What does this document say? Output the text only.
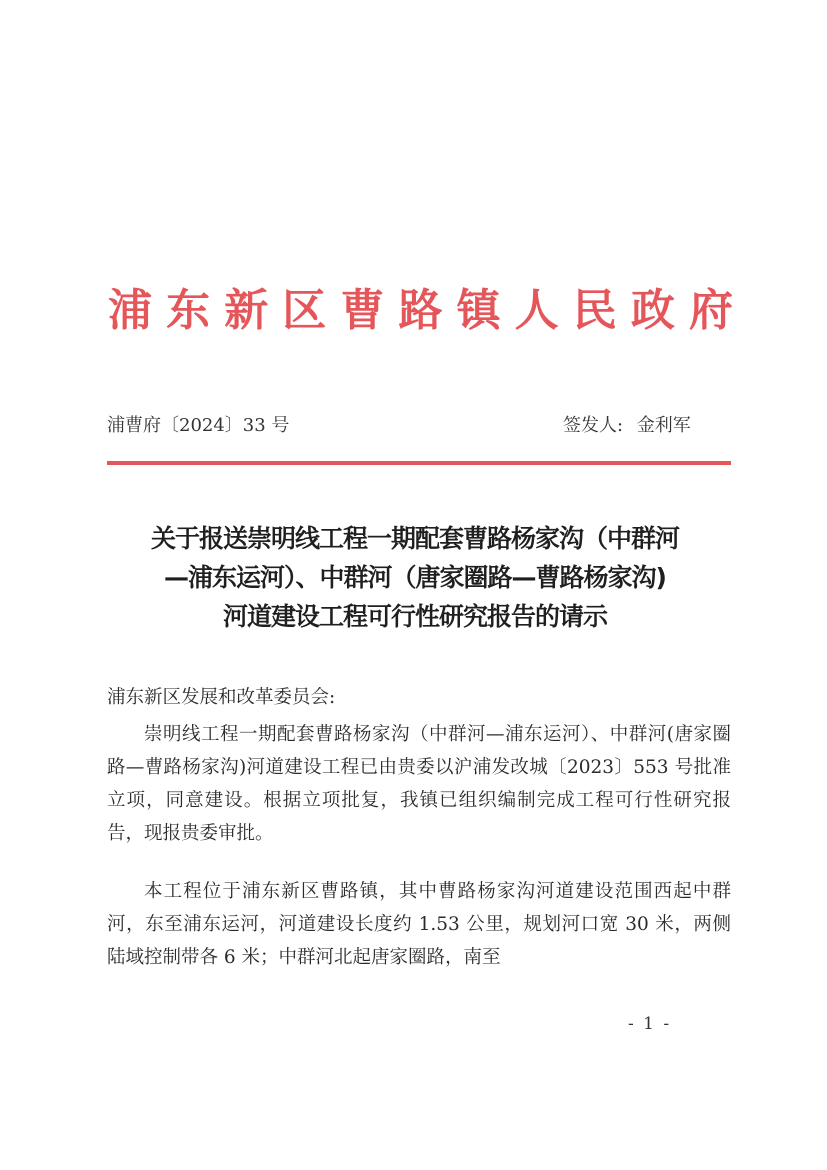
浦 东 新 区 曹 路 镇 人 民 政 府
浦曹府〔2024〕33 号	签发人: 金利军
关于报送崇明线工程一期配套曹路杨家沟（中群河
—浦东运河）、中群河（唐家圈路—曹路杨家沟)
河道建设工程可行性研究报告的请示
浦东新区发展和改革委员会:
崇明线工程一期配套曹路杨家沟（中群河—浦东运河）、中群河(唐家圈路—曹路杨家沟)河道建设工程已由贵委以沪浦发改城〔2023〕553 号批准立项，同意建设。根据立项批复，我镇已组织编制完成工程可行性研究报告，现报贵委审批。
本工程位于浦东新区曹路镇，其中曹路杨家沟河道建设范围西起中群河，东至浦东运河，河道建设长度约 1.53 公里，规划河口宽 30 米，两侧陆域控制带各 6 米；中群河北起唐家圈路，南至
- 1 -
